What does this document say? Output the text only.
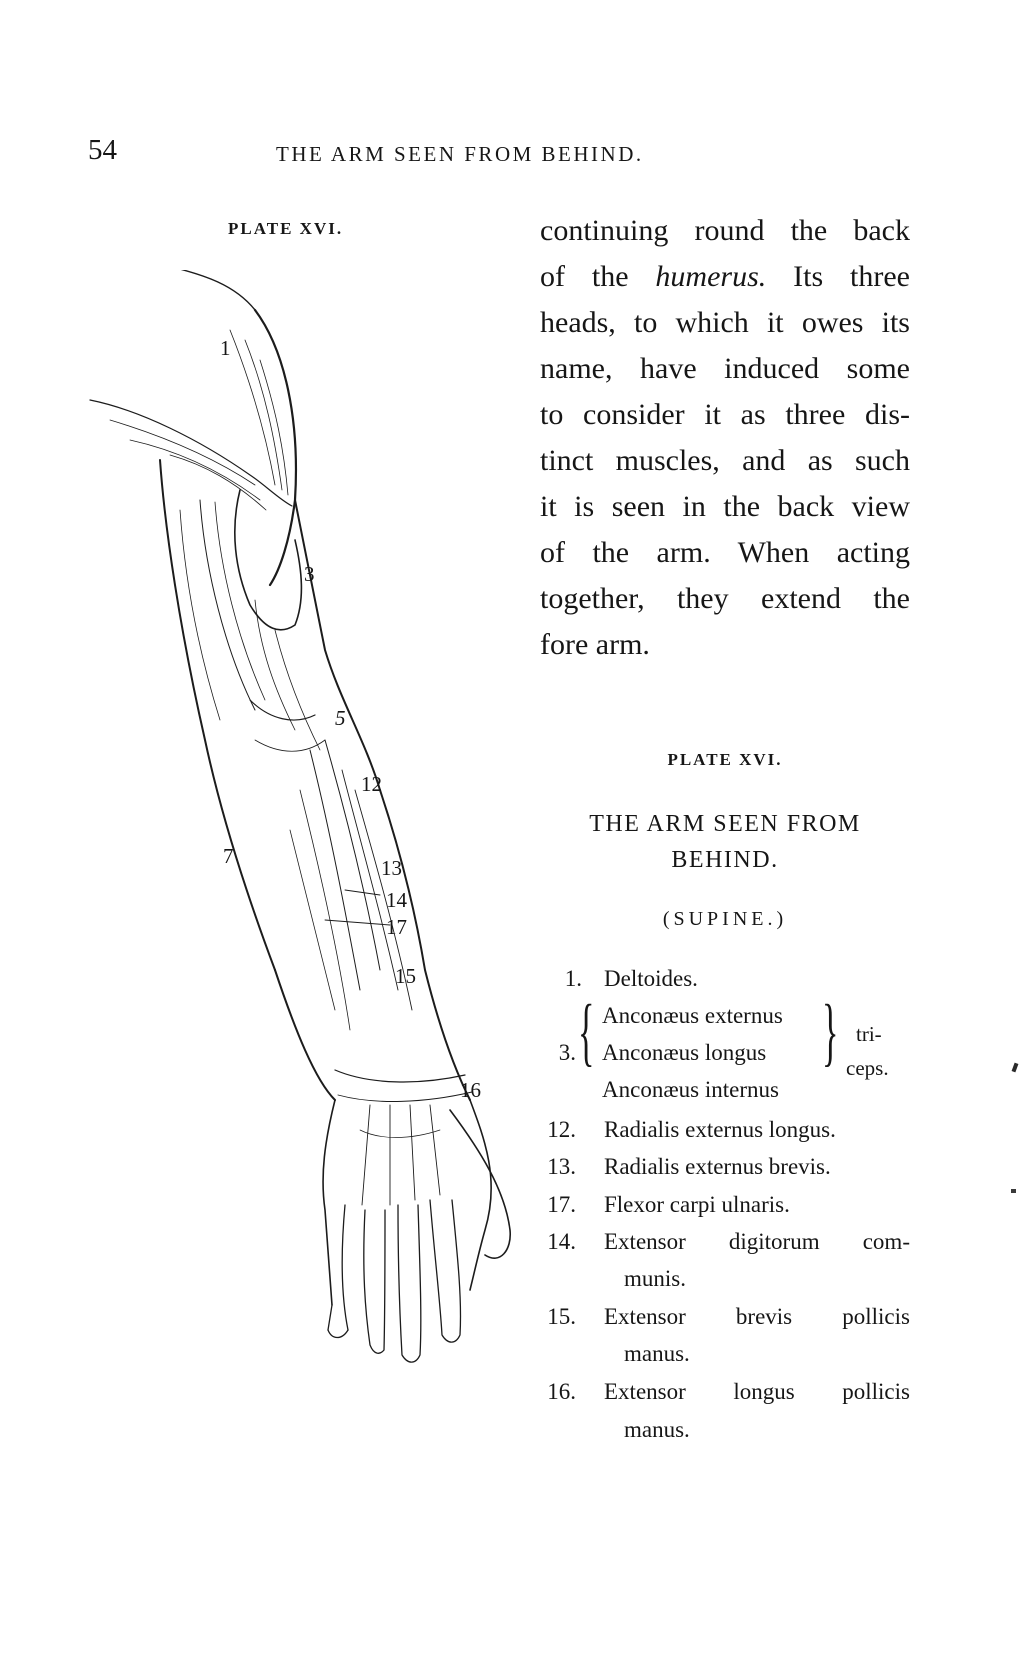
54	THE ARM SEEN FROM BEHIND.
PLATE XVI.
1
3
5
7
12
13
14
17
15
16
continuing round the back
of the humerus. Its three
heads, to which it owes its
name, have induced some
to consider it as three dis-
tinct muscles, and as such
it is seen in the back view
of the arm. When acting
together, they extend the
fore arm.
PLATE XVI.
THE ARM SEEN FROM
BEHIND.
(SUPINE.)
1. Deltoides.
3. { Anconæus externus
Anconæus longus
Anconæus internus
} tri-
ceps.
12. Radialis externus longus.
13. Radialis externus brevis.
17. Flexor carpi ulnaris.
14. Extensor digitorum com-
munis.
15. Extensor brevis pollicis
manus.
16. Extensor longus pollicis
manus.
